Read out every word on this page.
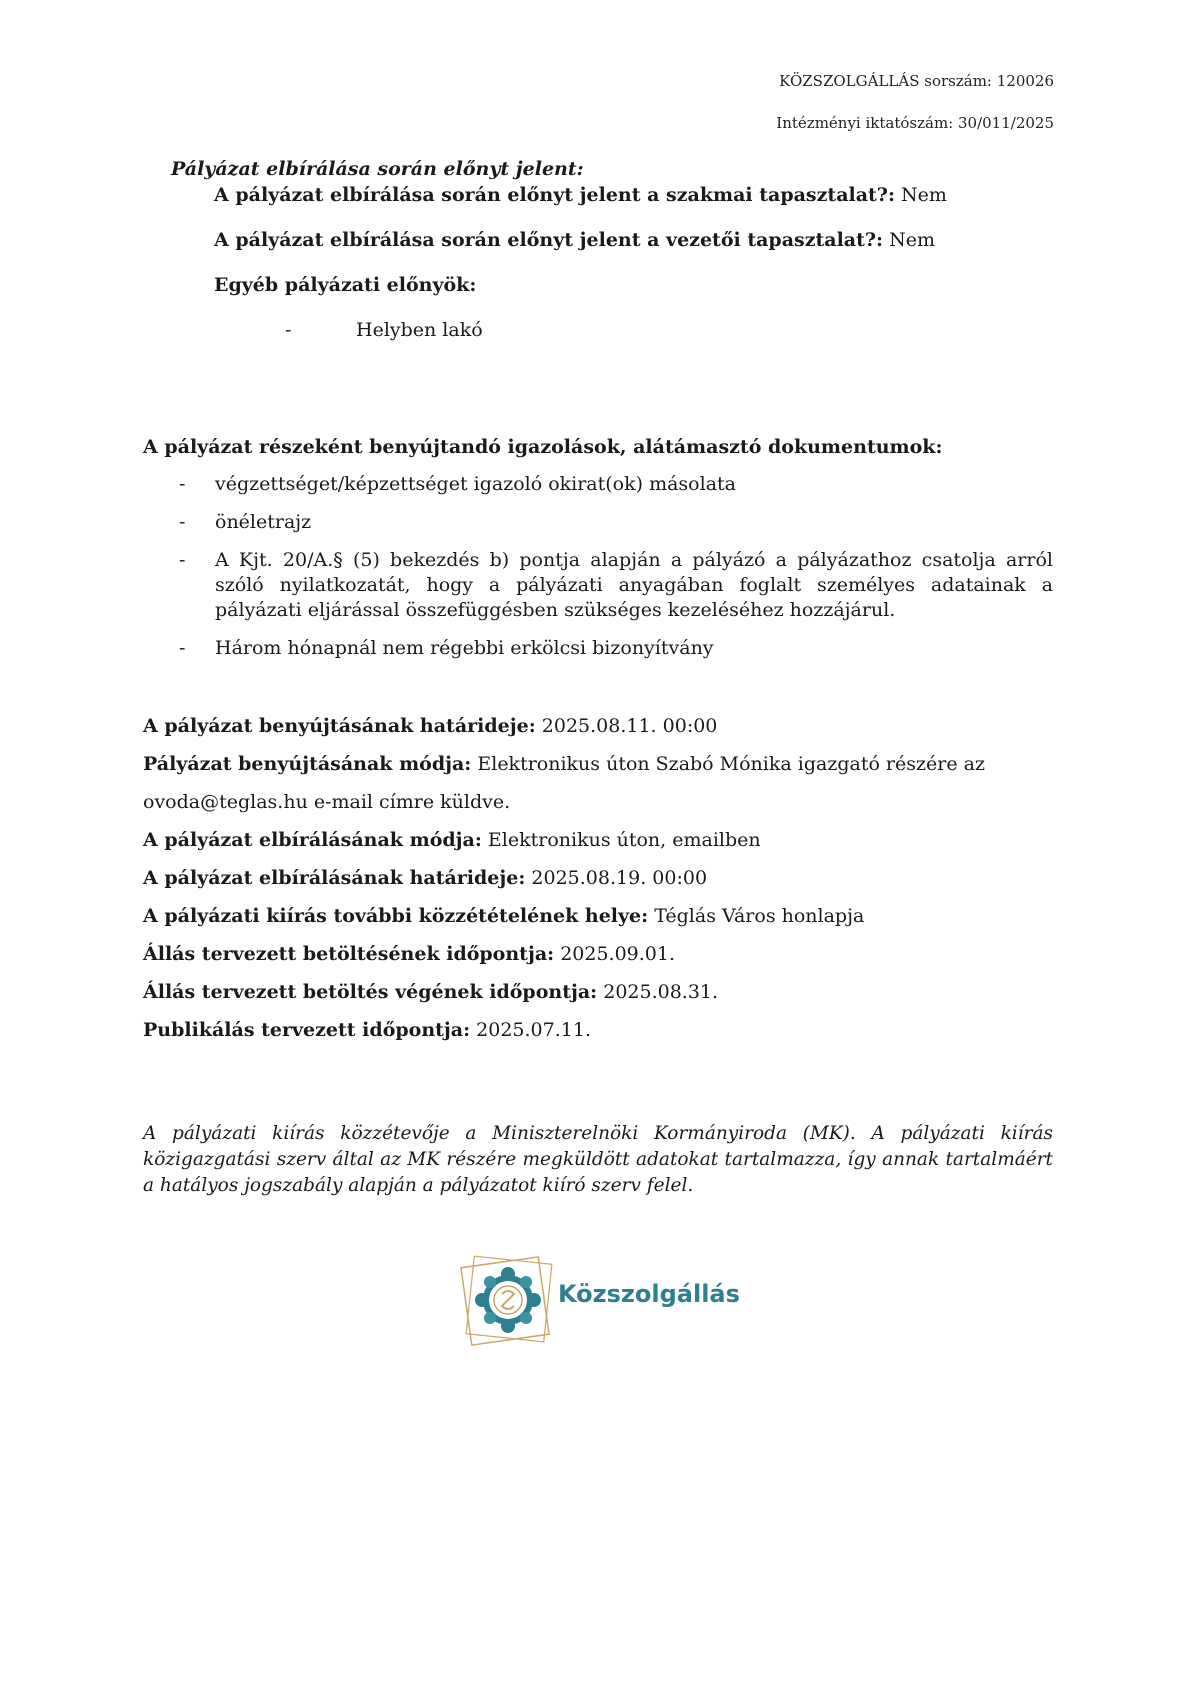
KÖZSZOLGÁLLÁS sorszám: 120026
Intézményi iktatószám: 30/011/2025

Pályázat elbírálása során előnyt jelent:

A pályázat elbírálása során előnyt jelent a szakmai tapasztalat?: Nem

A pályázat elbírálása során előnyt jelent a vezetői tapasztalat?: Nem

Egyéb pályázati előnyök:

-	Helyben lakó

A pályázat részeként benyújtandó igazolások, alátámasztó dokumentumok:

- végzettséget/képzettséget igazoló okirat(ok) másolata
- önéletrajz
- A Kjt. 20/A.§ (5) bekezdés b) pontja alapján a pályázó a pályázathoz csatolja arról szóló nyilatkozatát, hogy a pályázati anyagában foglalt személyes adatainak a pályázati eljárással összefüggésben szükséges kezeléséhez hozzájárul.
- Három hónapnál nem régebbi erkölcsi bizonyítvány
A pályázat benyújtásának határideje: 2025.08.11. 00:00
Pályázat benyújtásának módja: Elektronikus úton Szabó Mónika igazgató részére az
ovoda@teglas.hu e-mail címre küldve.
A pályázat elbírálásának módja: Elektronikus úton, emailben
A pályázat elbírálásának határideje: 2025.08.19. 00:00
A pályázati kiírás további közzétételének helye: Téglás Város honlapja
Állás tervezett betöltésének időpontja: 2025.09.01.
Állás tervezett betöltés végének időpontja: 2025.08.31.
Publikálás tervezett időpontja: 2025.07.11.
A pályázati kiírás közzétevője a Miniszterelnöki Kormányiroda (MK). A pályázati kiírás közigazgatási szerv által az MK részére megküldött adatokat tartalmazza, így annak tartalmáért a hatályos jogszabály alapján a pályázatot kiíró szerv felel.
Közszolgállás
